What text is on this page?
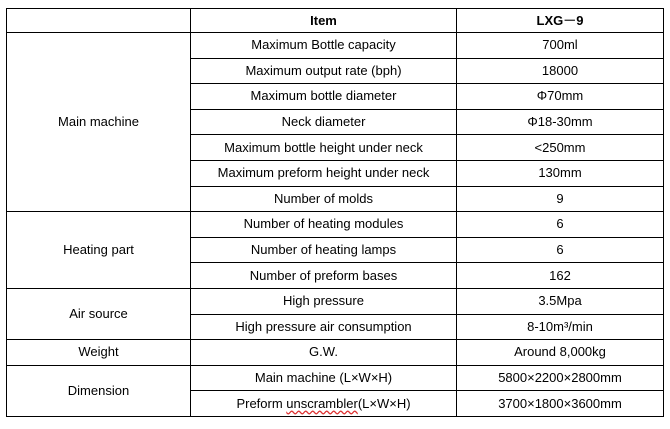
	Item	LXG－9
Main machine	Maximum Bottle capacity	700ml
	Maximum output rate (bph)	18000
	Maximum bottle diameter	Φ70mm
	Neck diameter	Φ18-30mm
	Maximum bottle height under neck	<250mm
	Maximum preform height under neck	130mm
	Number of molds	9
Heating part	Number of heating modules	6
	Number of heating lamps	6
	Number of preform bases	162
Air source	High pressure	3.5Mpa
	High pressure air consumption	8-10m³/min
Weight	G.W.	Around 8,000kg
Dimension	Main machine (L×W×H)	5800×2200×2800mm
	Preform unscrambler(L×W×H)	3700×1800×3600mm
